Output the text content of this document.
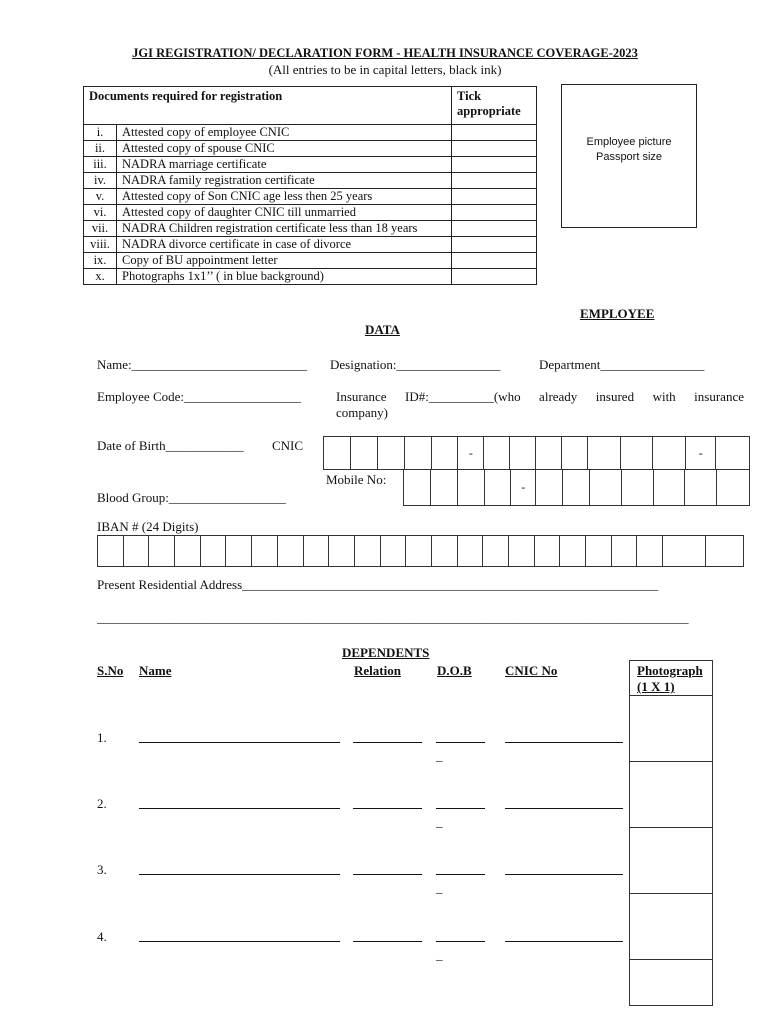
JGI REGISTRATION/ DECLARATION FORM - HEALTH INSURANCE COVERAGE-2023
(All entries to be in capital letters, black ink)
Documents required for registration		Tick appropriate
i.	Attested copy of employee CNIC	
ii.	Attested copy of spouse CNIC	
iii.	NADRA marriage certificate	
iv.	NADRA family registration certificate	
v.	Attested copy of Son CNIC age less then 25 years	
vi.	Attested copy of daughter CNIC till unmarried	
vii.	NADRA Children registration certificate less than 18 years	
viii.	NADRA divorce certificate in case of divorce	
ix.	Copy of BU appointment letter	
x.	Photographs 1x1’’ ( in blue background)	
Employee picture
Passport size
EMPLOYEE
DATA
Name:___________________________ Designation:________________	Department________________
Employee Code:__________________	Insurance ID#:__________(who already insured with insurance
company)
Date of Birth____________ CNIC	-	-
Mobile No:	-
Blood Group:__________________
IBAN # (24 Digits)
Present Residential Address________________________________________________________________
___________________________________________________________________________________________
DEPENDENTS
S.No Name	Relation	D.O.B	CNIC No	Photograph (1 X 1)
1.
_
2.
_
3.
_
4.
_
